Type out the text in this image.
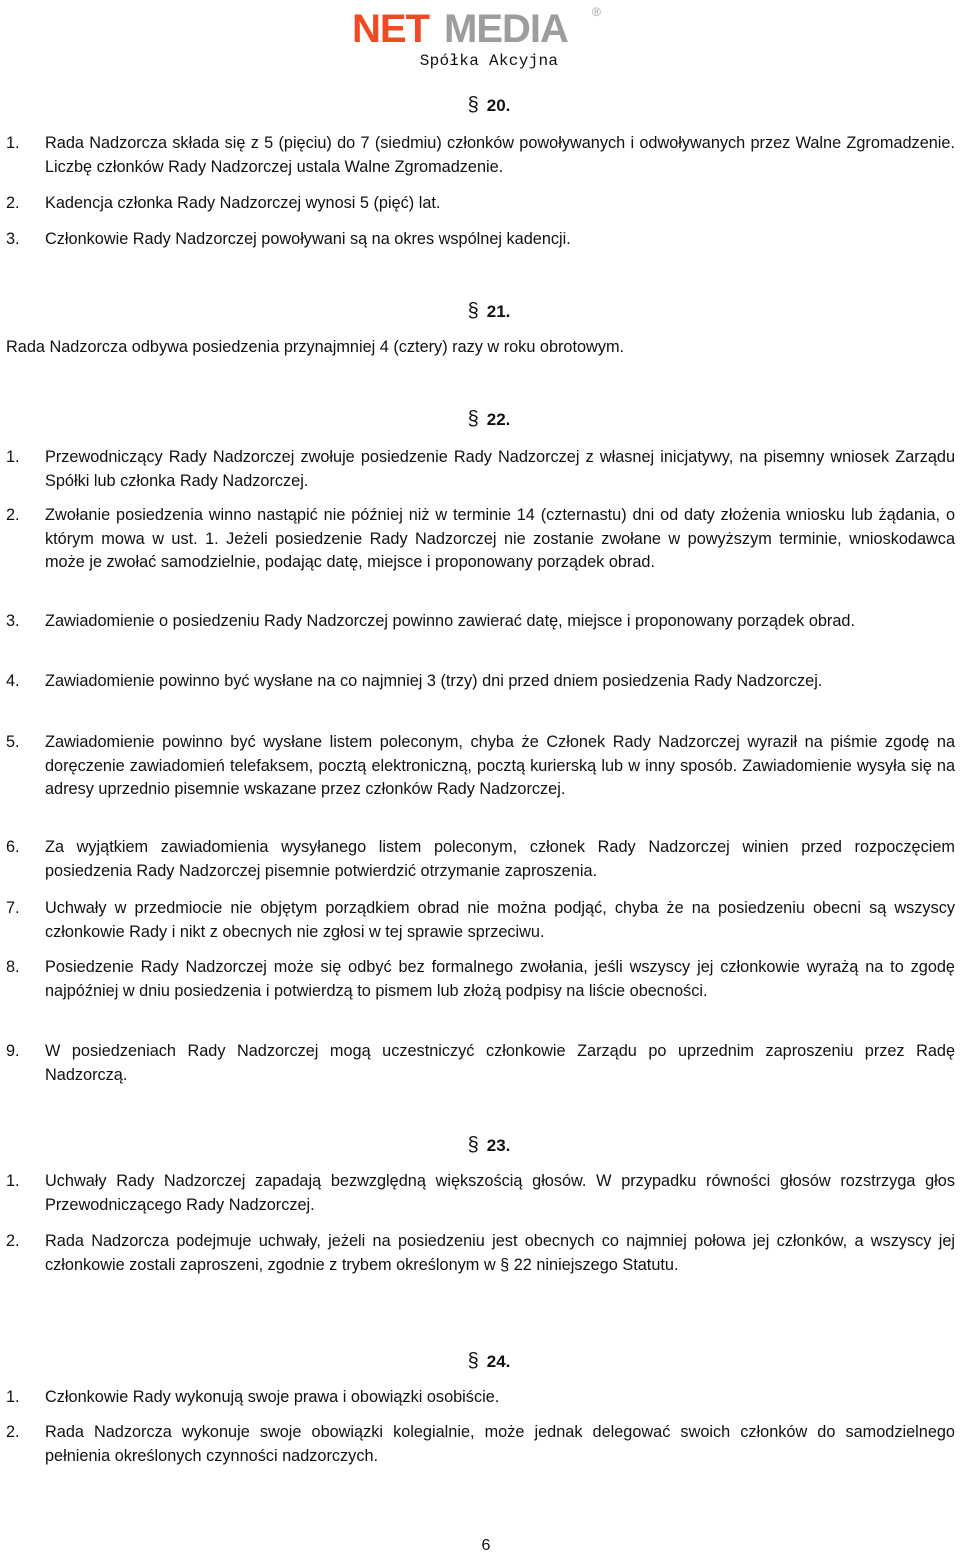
NET MEDIA ®
Spółka Akcyjna
§ 20.
1. Rada Nadzorcza składa się z 5 (pięciu) do 7 (siedmiu) członków powoływanych i odwoływanych przez Walne Zgromadzenie. Liczbę członków Rady Nadzorczej ustala Walne Zgromadzenie.
2. Kadencja członka Rady Nadzorczej wynosi 5 (pięć) lat.
3. Członkowie Rady Nadzorczej powoływani są na okres wspólnej kadencji.
§ 21.
Rada Nadzorcza odbywa posiedzenia przynajmniej 4 (cztery) razy w roku obrotowym.
§ 22.
1. Przewodniczący Rady Nadzorczej zwołuje posiedzenie Rady Nadzorczej z własnej inicjatywy, na pisemny wniosek Zarządu Spółki lub członka Rady Nadzorczej.
2. Zwołanie posiedzenia winno nastąpić nie później niż w terminie 14 (czternastu) dni od daty złożenia wniosku lub żądania, o którym mowa w ust. 1. Jeżeli posiedzenie Rady Nadzorczej nie zostanie zwołane w powyższym terminie, wnioskodawca może je zwołać samodzielnie, podając datę, miejsce i proponowany porządek obrad.
3. Zawiadomienie o posiedzeniu Rady Nadzorczej powinno zawierać datę, miejsce i proponowany porządek obrad.
4. Zawiadomienie powinno być wysłane na co najmniej 3 (trzy) dni przed dniem posiedzenia Rady Nadzorczej.
5. Zawiadomienie powinno być wysłane listem poleconym, chyba że Członek Rady Nadzorczej wyraził na piśmie zgodę na doręczenie zawiadomień telefaksem, pocztą elektroniczną, pocztą kurierską lub w inny sposób. Zawiadomienie wysyła się na adresy uprzednio pisemnie wskazane przez członków Rady Nadzorczej.
6. Za wyjątkiem zawiadomienia wysyłanego listem poleconym, członek Rady Nadzorczej winien przed rozpoczęciem posiedzenia Rady Nadzorczej pisemnie potwierdzić otrzymanie zaproszenia.
7. Uchwały w przedmiocie nie objętym porządkiem obrad nie można podjąć, chyba że na posiedzeniu obecni są wszyscy członkowie Rady i nikt z obecnych nie zgłosi w tej sprawie sprzeciwu.
8. Posiedzenie Rady Nadzorczej może się odbyć bez formalnego zwołania, jeśli wszyscy jej członkowie wyrażą na to zgodę najpóźniej w dniu posiedzenia i potwierdzą to pismem lub złożą podpisy na liście obecności.
9. W posiedzeniach Rady Nadzorczej mogą uczestniczyć członkowie Zarządu po uprzednim zaproszeniu przez Radę Nadzorczą.
§ 23.
1. Uchwały Rady Nadzorczej zapadają bezwzględną większością głosów. W przypadku równości głosów rozstrzyga głos Przewodniczącego Rady Nadzorczej.
2. Rada Nadzorcza podejmuje uchwały, jeżeli na posiedzeniu jest obecnych co najmniej połowa jej członków, a wszyscy jej członkowie zostali zaproszeni, zgodnie z trybem określonym w § 22 niniejszego Statutu.
§ 24.
1. Członkowie Rady wykonują swoje prawa i obowiązki osobiście.
2. Rada Nadzorcza wykonuje swoje obowiązki kolegialnie, może jednak delegować swoich członków do samodzielnego pełnienia określonych czynności nadzorczych.
6
